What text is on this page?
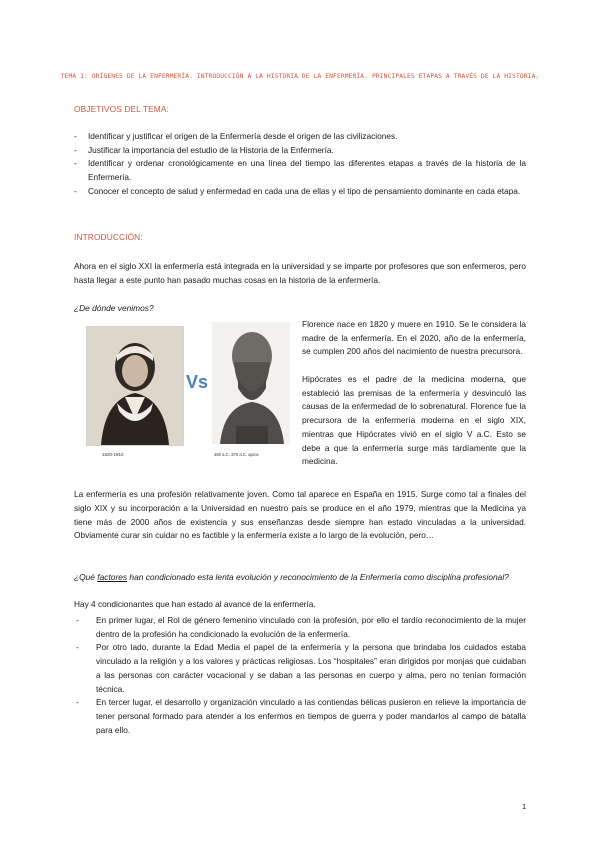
TEMA 1: ORÍGENES DE LA ENFERMERÍA. INTRODUCCIÓN A LA HISTORIA DE LA ENFERMERÍA. PRINCIPALES ETAPAS A TRAVÉS DE LA HISTORIA.
OBJETIVOS DEL TEMA:
- Identificar y justificar el origen de la Enfermería desde el origen de las civilizaciones.
- Justificar la importancia del estudio de la Historia de la Enfermería.
- Identificar y ordenar cronológicamente en una línea del tiempo las diferentes etapas a través de la historia de la Enfermería.
- Conocer el concepto de salud y enfermedad en cada una de ellas y el tipo de pensamiento dominante en cada etapa.
INTRODUCCIÓN:

Ahora en el siglo XXI la enfermería está integrada en la universidad y se imparte por profesores que son enfermeros, pero hasta llegar a este punto han pasado muchas cosas en la historia de la enfermería.

¿De dónde venimos?

Vs
1820-1910	460 a.C.-370 a.C. aprox

Florence nace en 1820 y muere en 1910. Se le considera la madre de la enfermería. En el 2020, año de la enfermería, se cumplen 200 años del nacimiento de nuestra precursora.

Hipócrates es el padre de la medicina moderna, que estableció las premisas de la enfermería y desvinculó las causas de la enfermedad de lo sobrenatural. Florence fue la precursora de la enfermería moderna en el siglo XIX, mientras que Hipócrates vivió en el siglo V a.C. Esto se debe a que la enfermería surge más tardíamente que la medicina.

La enfermería es una profesión relativamente joven. Como tal aparece en España en 1915. Surge como tal a finales del siglo XIX y su incorporación a la Universidad en nuestro país se produce en el año 1979, mientras que la Medicina ya tiene más de 2000 años de existencia y sus enseñanzas desde siempre han estado vinculadas a la universidad. Obviamente curar sin cuidar no es factible y la enfermería existe a lo largo de la evolución, pero…

¿Qué factores han condicionado esta lenta evolución y reconocimiento de la Enfermería como disciplina profesional?

Hay 4 condicionantes que han estado al avance de la enfermería.

- En primer lugar, el Rol de género femenino vinculado con la profesión, por ello el tardío reconocimiento de la mujer dentro de la profesión ha condicionado la evolución de la enfermería.
- Por otro lado, durante la Edad Media el papel de la enfermería y la persona que brindaba los cuidados estaba vinculado a la religión y a los valores y prácticas religiosas. Los “hospitales” eran dirigidos por monjas que cuidaban a las personas con carácter vocacional y se daban a las personas en cuerpo y alma, pero no tenían formación técnica.
- En tercer lugar, el desarrollo y organización vinculado a las contiendas bélicas pusieron en relieve la importancia de tener personal formado para atender a los enfermos en tiempos de guerra y poder mandarlos al campo de batalla para ello.
1
